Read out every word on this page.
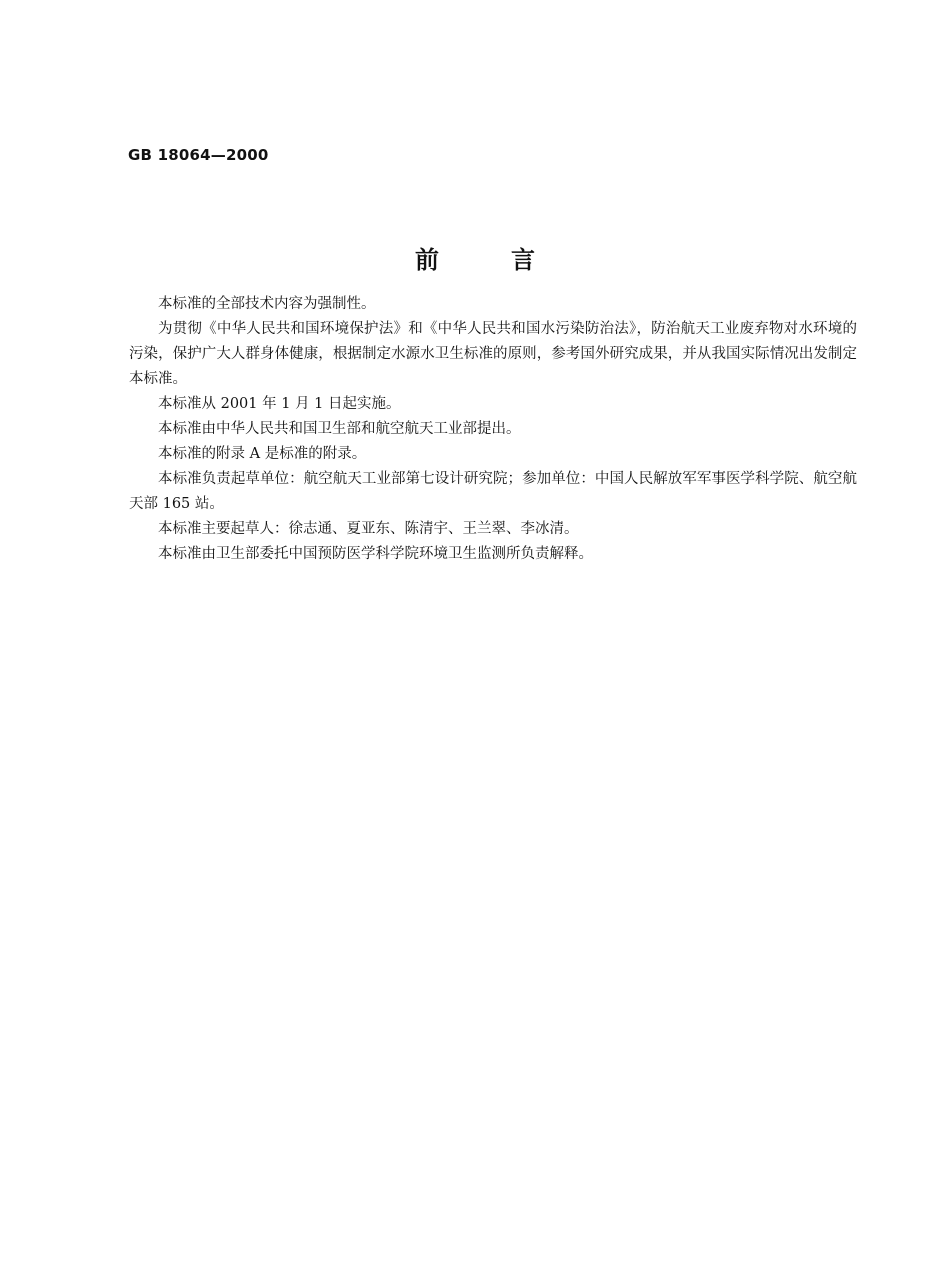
GB 18064—2000
前言

本标准的全部技术内容为强制性。

为贯彻《中华人民共和国环境保护法》和《中华人民共和国水污染防治法》，防治航天工业废弃物对水环境的污染，保护广大人群身体健康，根据制定水源水卫生标准的原则，参考国外研究成果，并从我国实际情况出发制定本标准。

本标准从 2001 年 1 月 1 日起实施。

本标准由中华人民共和国卫生部和航空航天工业部提出。

本标准的附录 A 是标准的附录。

本标准负责起草单位：航空航天工业部第七设计研究院；参加单位：中国人民解放军军事医学科学院、航空航天部 165 站。

本标准主要起草人：徐志通、夏亚东、陈清宇、王兰翠、李冰清。

本标准由卫生部委托中国预防医学科学院环境卫生监测所负责解释。
